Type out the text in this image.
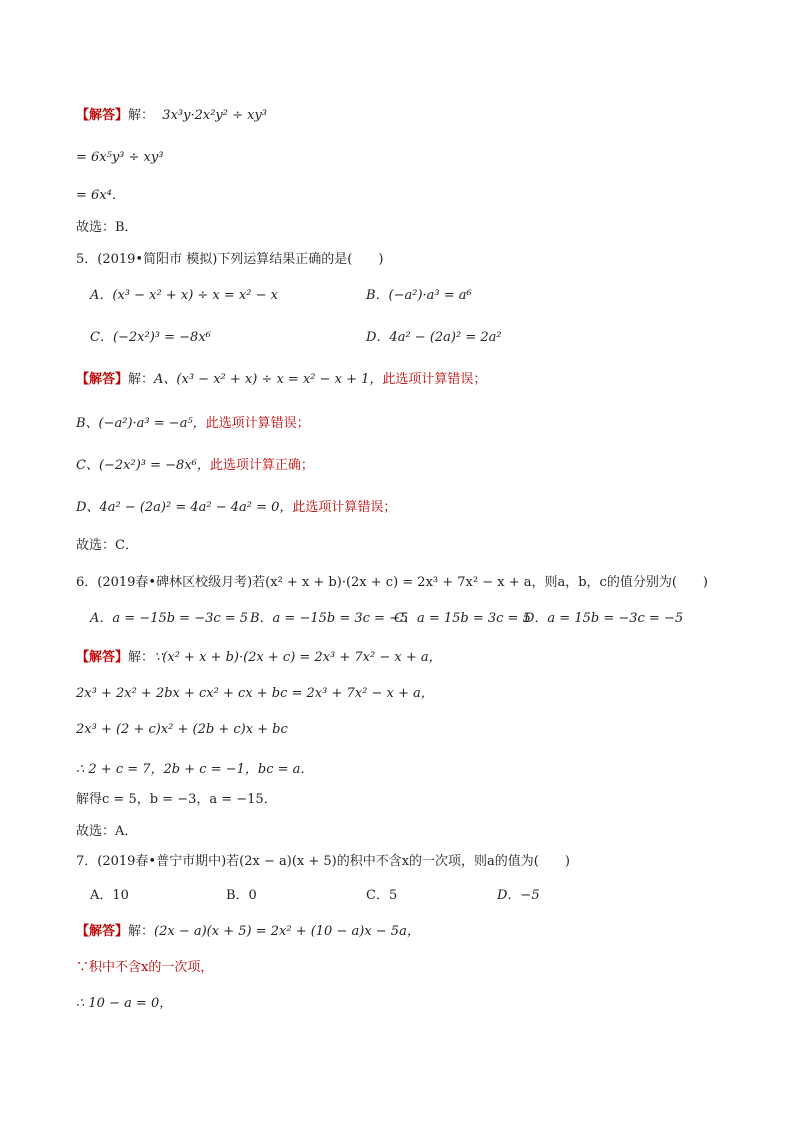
【解答】解： 3x³y·2x²y² ÷ xy³
= 6x⁵y³ ÷ xy³
= 6x⁴．
故选：B．
5．(2019•简阳市 模拟)下列运算结果正确的是(　　)
A．(x³ − x² + x) ÷ x = x² − x	B．(−a²)·a³ = a⁶
C．(−2x²)³ = −8x⁶	D．4a² − (2a)² = 2a²
【解答】解：A、(x³ − x² + x) ÷ x = x² − x + 1，此选项计算错误；
B、(−a²)·a³ = −a⁵，此选项计算错误；
C、(−2x²)³ = −8x⁶，此选项计算正确；
D、4a² − (2a)² = 4a² − 4a² = 0，此选项计算错误；
故选：C．
6．(2019春•碑林区校级月考)若(x² + x + b)·(2x + c) = 2x³ + 7x² − x + a，则a，b，c的值分别为(　　)
A．a = −15b = −3c = 5 B．a = −15b = 3c = −5
C．a = 15b = 3c = 5
D．a = 15b = −3c = −5
【解答】解：∵(x² + x + b)·(2x + c) = 2x³ + 7x² − x + a，
2x³ + 2x² + 2bx + cx² + cx + bc = 2x³ + 7x² − x + a，
2x³ + (2 + c)x² + (2b + c)x + bc
∴ 2 + c = 7，2b + c = −1，bc = a．
解得c = 5，b = −3，a = −15．
故选：A．
7．(2019春•普宁市期中)若(2x − a)(x + 5)的积中不含x的一次项，则a的值为(　　)
A．10	B．0	C．5	D．−5
【解答】解：(2x − a)(x + 5) = 2x² + (10 − a)x − 5a，
∵积中不含x的一次项，
∴ 10 − a = 0，
